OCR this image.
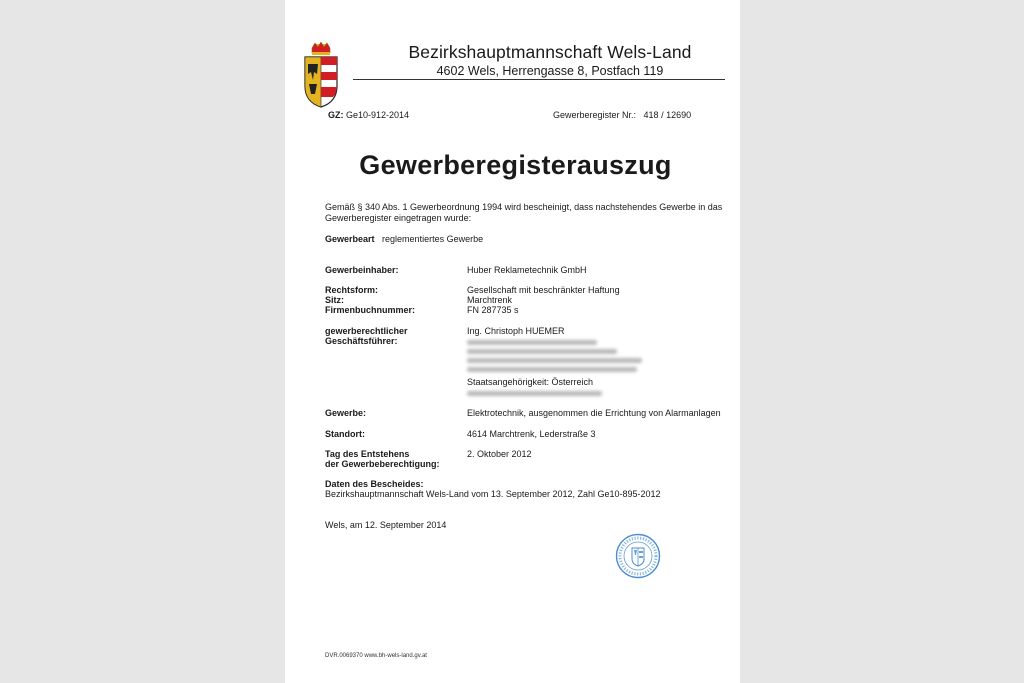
Bezirkshauptmannschaft Wels-Land
4602 Wels, Herrengasse 8, Postfach 119
GZ: Ge10-912-2014	Gewerberegister Nr.: 418 / 12690
Gewerberegisterauszug
Gemäß § 340 Abs. 1 Gewerbeordnung 1994 wird bescheinigt, dass nachstehendes Gewerbe in das Gewerberegister eingetragen wurde:
Gewerbeart reglementiertes Gewerbe
Gewerbeinhaber:	Huber Reklametechnik GmbH
Rechtsform:	Gesellschaft mit beschränkter Haftung
Sitz:	Marchtrenk
Firmenbuchnummer:	FN 287735 s
gewerberechtlicher
Geschäftsführer:
Ing. Christoph HUEMER
Staatsangehörigkeit: Österreich
Gewerbe:	Elektrotechnik, ausgenommen die Errichtung von Alarmanlagen
Standort:	4614 Marchtrenk, Lederstraße 3
Tag des Entstehens
der Gewerbeberechtigung:
2. Oktober 2012
Daten des Bescheides:
Bezirkshauptmannschaft Wels-Land vom 13. September 2012, Zahl Ge10-895-2012
Wels, am 12. September 2014
DVR.0069370 www.bh-wels-land.gv.at
